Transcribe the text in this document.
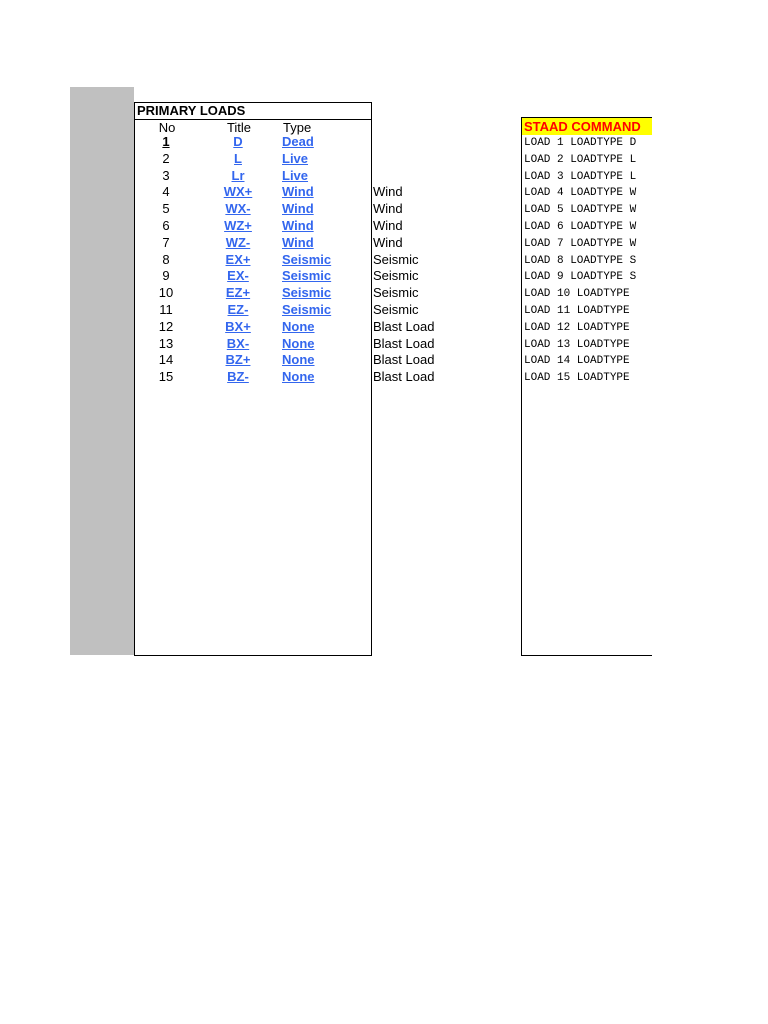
PRIMARY LOADS
No	Title	Type
1	D	Dead
2	L	Live
3	Lr	Live
4	WX+	Wind	Wind
5	WX-	Wind	Wind
6	WZ+	Wind	Wind
7	WZ-	Wind	Wind
8	EX+	Seismic	Seismic
9	EX-	Seismic	Seismic
10	EZ+	Seismic	Seismic
11	EZ-	Seismic	Seismic
12	BX+	None	Blast Load
13	BX-	None	Blast Load
14	BZ+	None	Blast Load
15	BZ-	None	Blast Load
STAAD COMMAND
LOAD 1 LOADTYPE D
LOAD 2 LOADTYPE L
LOAD 3 LOADTYPE L
LOAD 4 LOADTYPE W
LOAD 5 LOADTYPE W
LOAD 6 LOADTYPE W
LOAD 7 LOADTYPE W
LOAD 8 LOADTYPE S
LOAD 9 LOADTYPE S
LOAD 10 LOADTYPE
LOAD 11 LOADTYPE
LOAD 12 LOADTYPE
LOAD 13 LOADTYPE
LOAD 14 LOADTYPE
LOAD 15 LOADTYPE
